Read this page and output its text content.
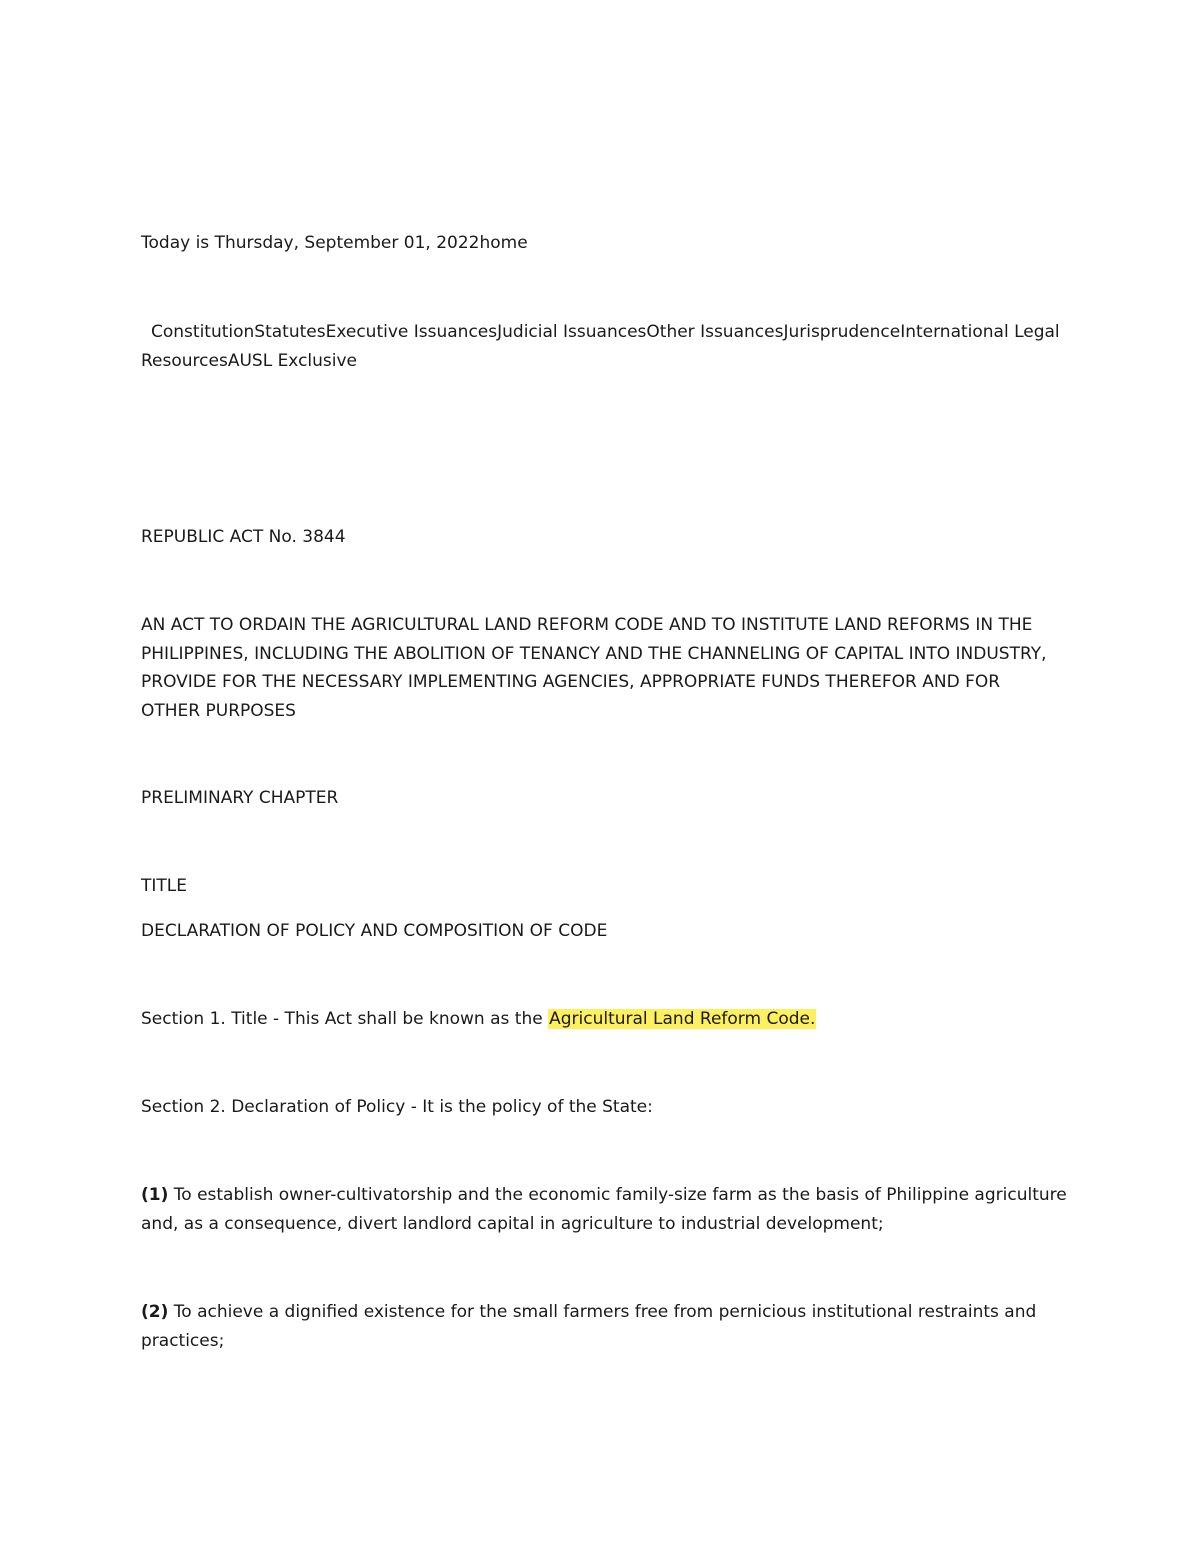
Today is Thursday, September 01, 2022home
ConstitutionStatutesExecutive IssuancesJudicial IssuancesOther IssuancesJurisprudenceInternational Legal ResourcesAUSL Exclusive
REPUBLIC ACT No. 3844
AN ACT TO ORDAIN THE AGRICULTURAL LAND REFORM CODE AND TO INSTITUTE LAND REFORMS IN THE PHILIPPINES, INCLUDING THE ABOLITION OF TENANCY AND THE CHANNELING OF CAPITAL INTO INDUSTRY, PROVIDE FOR THE NECESSARY IMPLEMENTING AGENCIES, APPROPRIATE FUNDS THEREFOR AND FOR OTHER PURPOSES
PRELIMINARY CHAPTER
TITLE
DECLARATION OF POLICY AND COMPOSITION OF CODE
Section 1. Title - This Act shall be known as the Agricultural Land Reform Code.
Section 2. Declaration of Policy - It is the policy of the State:
(1) To establish owner-cultivatorship and the economic family-size farm as the basis of Philippine agriculture and, as a consequence, divert landlord capital in agriculture to industrial development;
(2) To achieve a dignified existence for the small farmers free from pernicious institutional restraints and practices;
